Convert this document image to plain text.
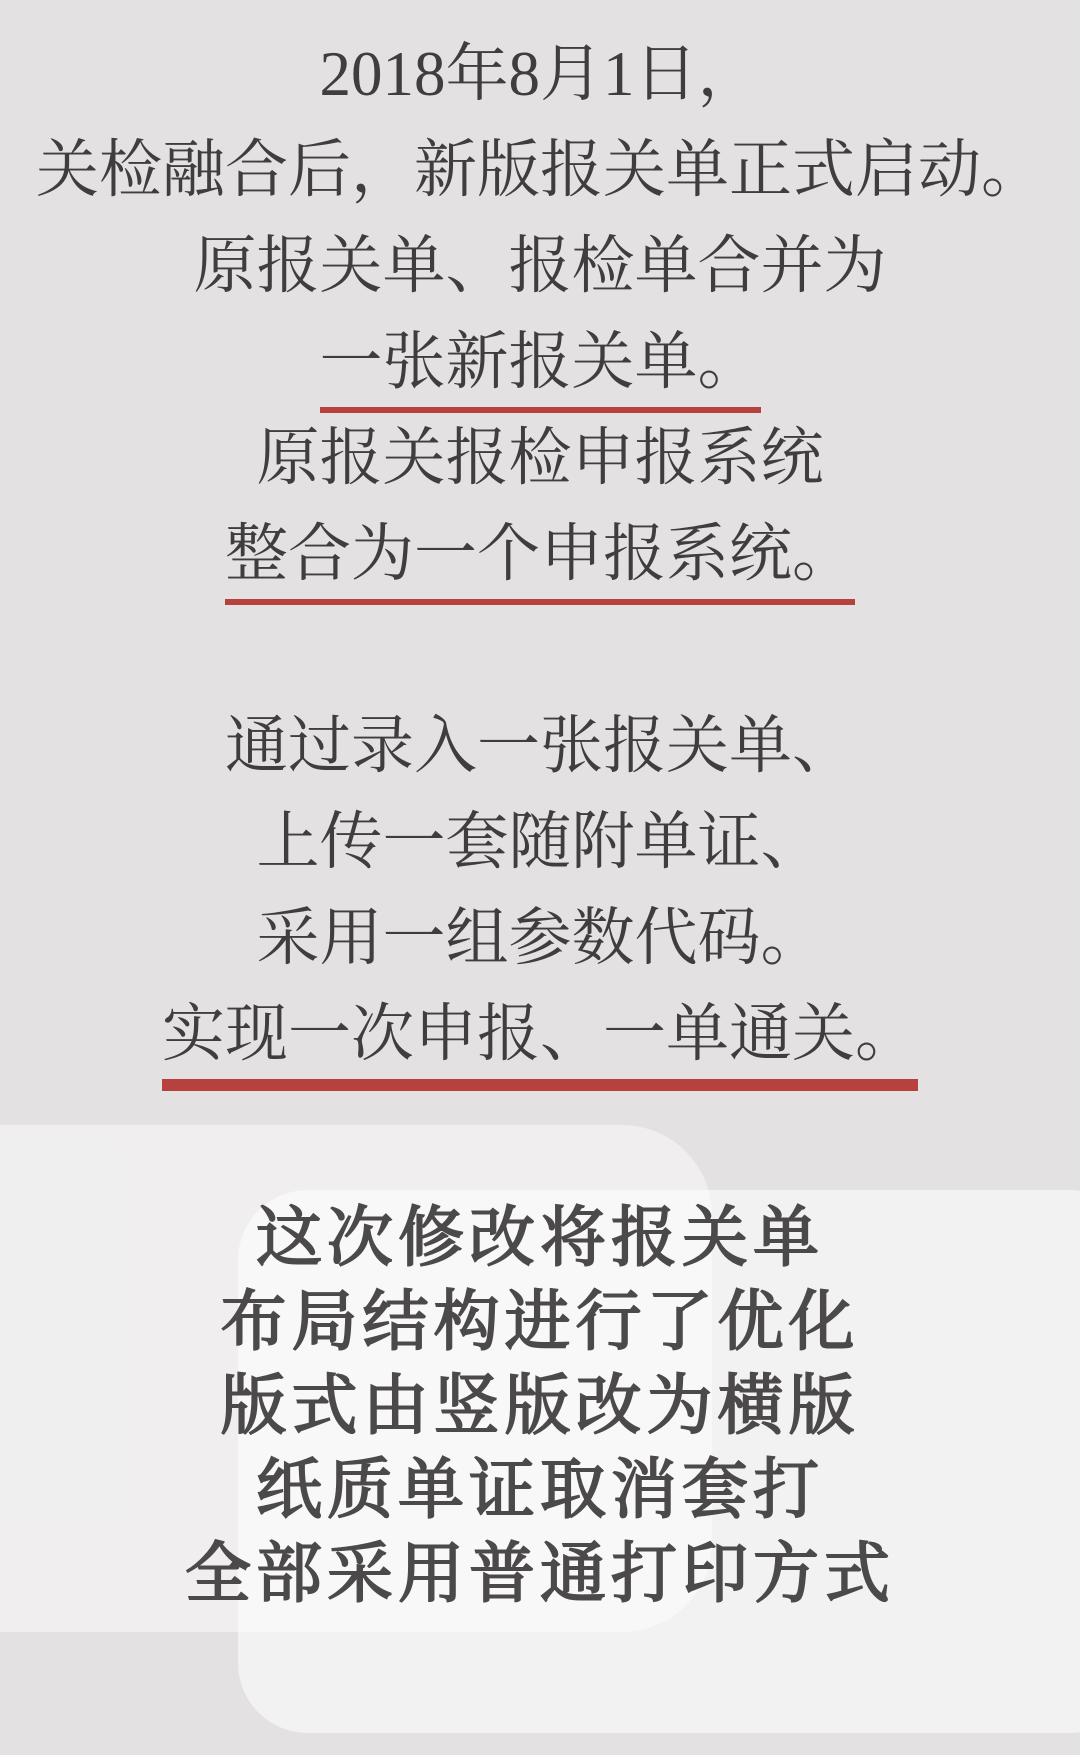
2018年8月1日，
关检融合后，新版报关单正式启动。
原报关单、报检单合并为
一张新报关单。
原报关报检申报系统
整合为一个申报系统。
通过录入一张报关单、
上传一套随附单证、
采用一组参数代码。
实现一次申报、一单通关。
这次修改将报关单
布局结构进行了优化
版式由竖版改为横版
纸质单证取消套打
全部采用普通打印方式
